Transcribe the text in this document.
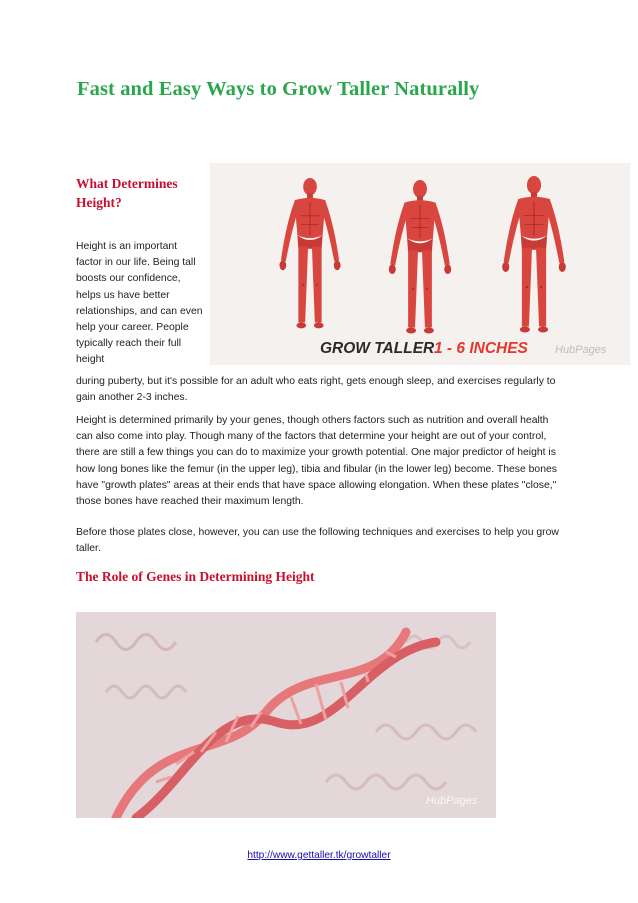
Fast and Easy Ways to Grow Taller Naturally
What Determines Height?
GROW TALLER 1 - 6 INCHES HubPages
Height is an important factor in our life. Being tall boosts our confidence, helps us have better relationships, and can even help your career. People typically reach their full height
during puberty, but it's possible for an adult who eats right, gets enough sleep, and exercises regularly to gain another 2-3 inches.
Height is determined primarily by your genes, though others factors such as nutrition and overall health can also come into play. Though many of the factors that determine your height are out of your control, there are still a few things you can do to maximize your growth potential. One major predictor of height is how long bones like the femur (in the upper leg), tibia and fibular (in the lower leg) become. These bones have "growth plates" areas at their ends that have space allowing elongation. When these plates "close," those bones have reached their maximum length.
Before those plates close, however, you can use the following techniques and exercises to help you grow taller.
The Role of Genes in Determining Height
HubPages
http://www.gettaller.tk/growtaller
